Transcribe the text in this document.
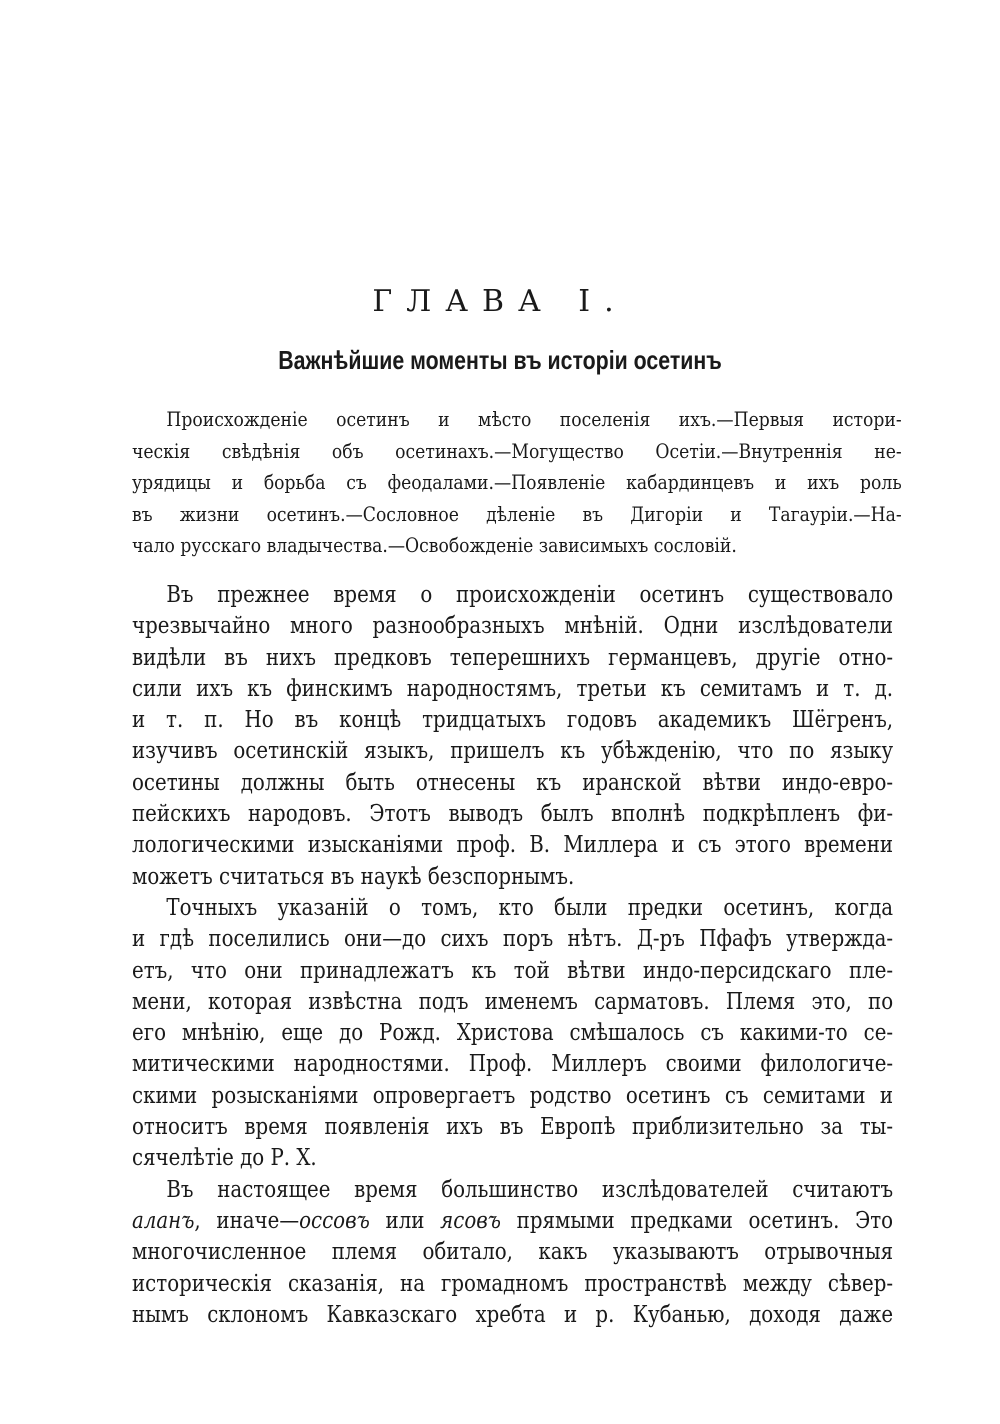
ГЛАВА I.
Важнѣйшие моменты въ исторіи осетинъ
Происхожденіе осетинъ и мѣсто поселенія ихъ.—Первыя истори-
ческія свѣдѣнія объ осетинахъ.—Могущество Осетіи.—Внутреннія не-
урядицы и борьба съ феодалами.—Появленіе кабардинцевъ и ихъ роль
въ жизни осетинъ.—Сословное дѣленіе въ Дигоріи и Тагауріи.—На-
чало русскаго владычества.—Освобожденіе зависимыхъ сословій.
Въ прежнее время о происхожденіи осетинъ существовало
чрезвычайно много разнообразныхъ мнѣній. Одни изслѣдователи
видѣли въ нихъ предковъ теперешнихъ германцевъ, другіе отно-
сили ихъ къ финскимъ народностямъ, третьи къ семитамъ и т. д.
и т. п. Но въ концѣ тридцатыхъ годовъ академикъ Шёгренъ,
изучивъ осетинскій языкъ, пришелъ къ убѣжденію, что по языку
осетины должны быть отнесены къ иранской вѣтви индо-евро-
пейскихъ народовъ. Этотъ выводъ былъ вполнѣ подкрѣпленъ фи-
лологическими изысканіями проф. В. Миллера и съ этого времени
можетъ считаться въ наукѣ безспорнымъ.
Точныхъ указаній о томъ, кто были предки осетинъ, когда
и гдѣ поселились они—до сихъ поръ нѣтъ. Д-ръ Пфафъ утвержда-
етъ, что они принадлежатъ къ той вѣтви индо-персидскаго пле-
мени, которая извѣстна подъ именемъ сарматовъ. Племя это, по
его мнѣнію, еще до Рожд. Христова смѣшалось съ какими-то се-
митическими народностями. Проф. Миллеръ своими филологиче-
скими розысканіями опровергаетъ родство осетинъ съ семитами и
относитъ время появленія ихъ въ Европѣ приблизительно за ты-
сячелѣтіе до Р. Х.
Въ настоящее время большинство изслѣдователей считаютъ
аланъ, иначе—оссовъ или ясовъ прямыми предками осетинъ. Это
многочисленное племя обитало, какъ указываютъ отрывочныя
историческія сказанія, на громадномъ пространствѣ между сѣвер-
нымъ склономъ Кавказскаго хребта и р. Кубанью, доходя даже
